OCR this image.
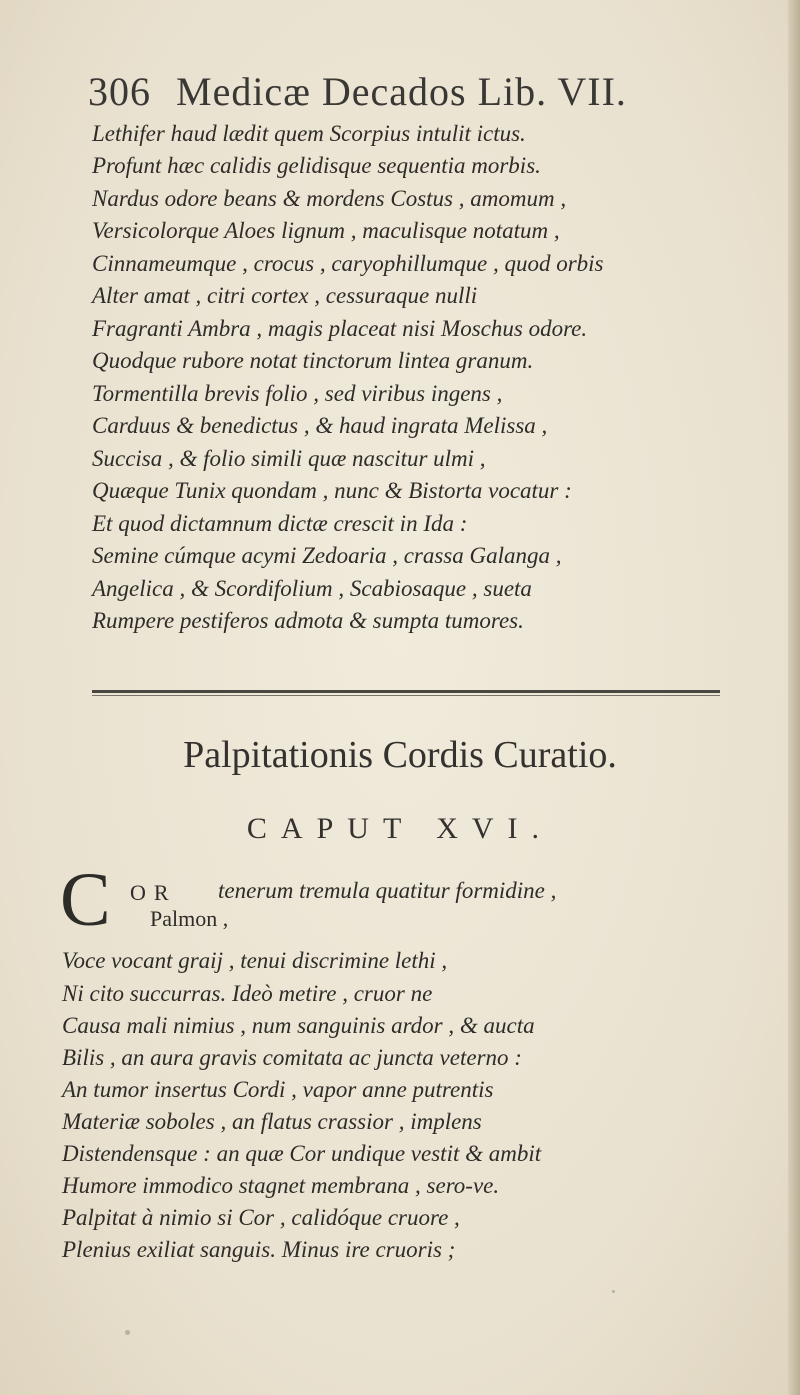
306 Medicæ Decados Lib. VII.
Lethifer haud lædit quem Scorpius intulit ictus.
Profunt hæc calidis gelidisque sequentia morbis.
Nardus odore beans & mordens Costus , amomum ,
Versicolorque Aloes lignum , maculisque notatum ,
Cinnameumque , crocus , caryophillumque , quod orbis
Alter amat , citri cortex , cessuraque nulli
Fragranti Ambra , magis placeat nisi Moschus odore.
Quodque rubore notat tinctorum lintea granum.
Tormentilla brevis folio , sed viribus ingens ,
Carduus & benedictus , & haud ingrata Melissa ,
Succisa , & folio simili quæ nascitur ulmi ,
Quæque Tunix quondam , nunc & Bistorta vocatur :
Et quod dictamnum dictæ crescit in Ida :
Semine cúmque acymi Zedoaria , crassa Galanga ,
Angelica , & Scordifolium , Scabiosaque , sueta
Rumpere pestiferos admota & sumpta tumores.
Palpitationis Cordis Curatio.
CAPUT XVI.
C OR tenerum tremula quatitur formidine ,
Palmon ,
Voce vocant graij , tenui discrimine lethi ,
Ni cito succurras. Ideò metire , cruor ne
Causa mali nimius , num sanguinis ardor , & aucta
Bilis , an aura gravis comitata ac juncta veterno :
An tumor insertus Cordi , vapor anne putrentis
Materiæ soboles , an flatus crassior , implens
Distendensque : an quæ Cor undique vestit & ambit
Humore immodico stagnet membrana , sero-ve.
Palpitat à nimio si Cor , calidóque cruore ,
Plenius exiliat sanguis. Minus ire cruoris ;
